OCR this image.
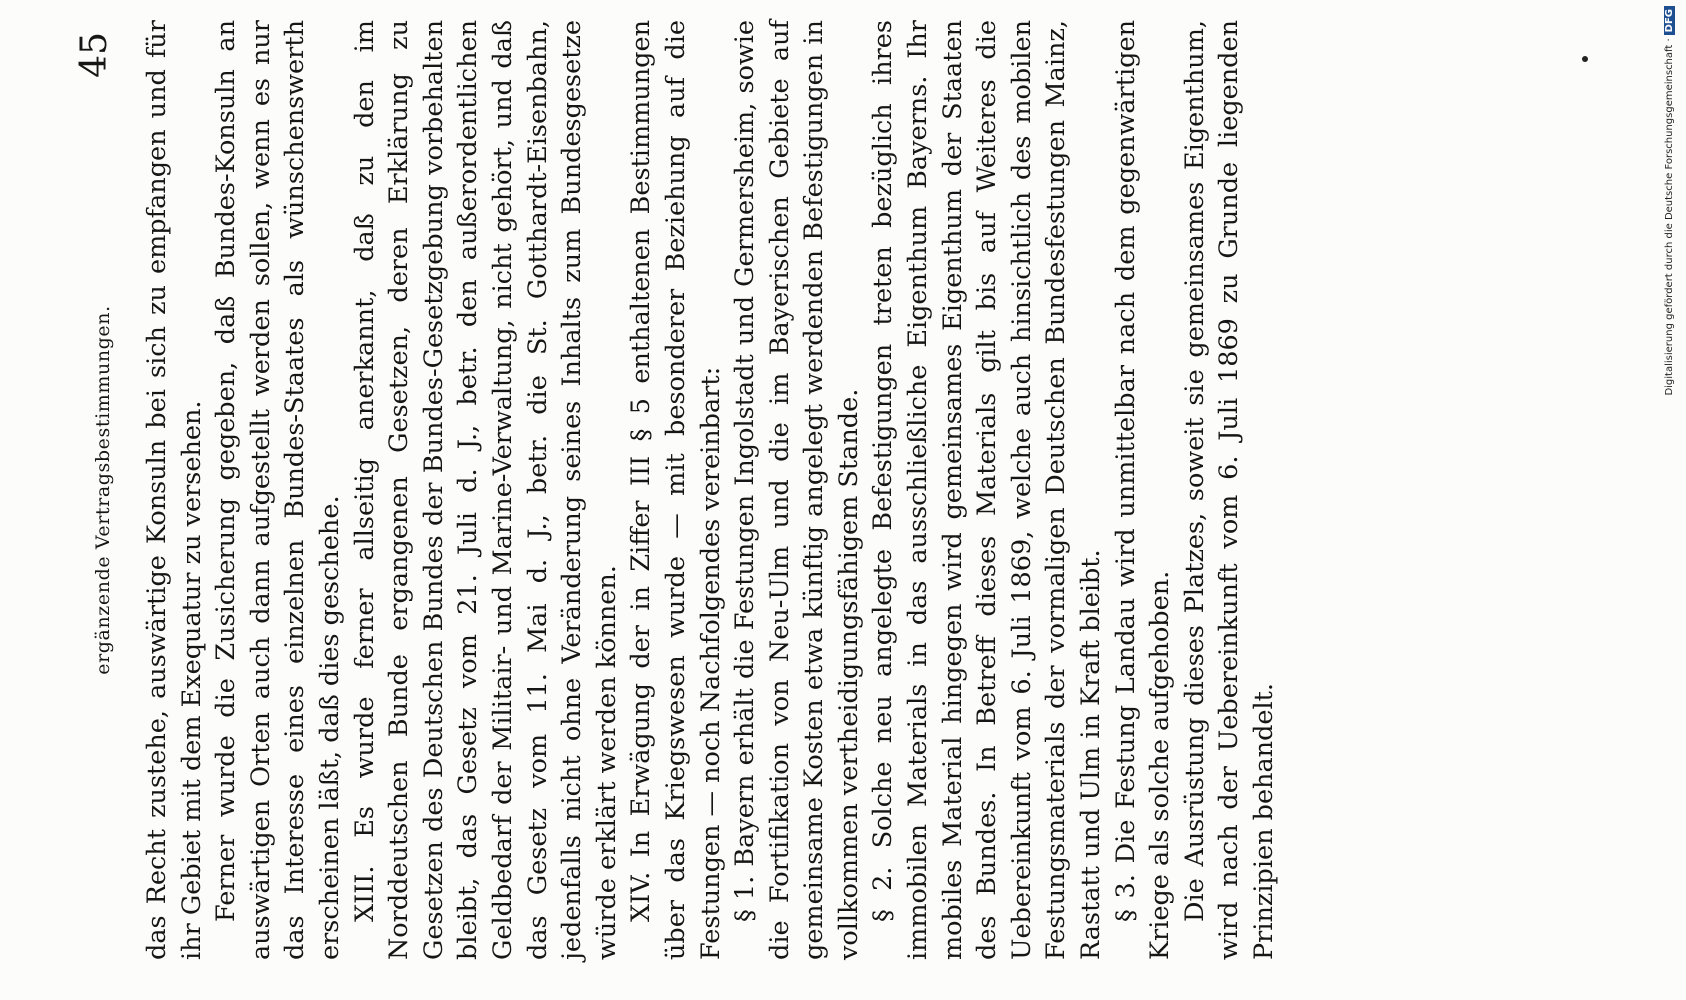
ergänzende Vertragsbestimmungen.
45 das Recht zustehe, auswärtige Konsuln bei sich zu empfangen und für ihr Gebiet mit dem Exequatur zu versehen. Ferner wurde die Zusicherung gegeben, daß Bundes-Konsuln an auswärtigen Orten auch dann aufgestellt werden sollen, wenn es nur das Interesse eines einzelnen Bundes-Staates als wünschenswerth erscheinen läßt, daß dies geschehe. XIII. Es wurde ferner allseitig anerkannt, daß zu den im Norddeutschen Bunde ergangenen Gesetzen, deren Erklärung zu Gesetzen des Deutschen Bundes der Bundes-Gesetzgebung vorbehalten bleibt, das Gesetz vom 21. Juli d. J., betr. den außerordentlichen Geldbedarf der Militair- und Marine-Verwaltung, nicht gehört, und daß das Gesetz vom 11. Mai d. J., betr. die St. Gotthardt-Eisenbahn, jedenfalls nicht ohne Veränderung seines Inhalts zum Bundesgesetze würde erklärt werden können. XIV. In Erwägung der in Ziffer III § 5 enthaltenen Bestimmungen über das Kriegswesen wurde — mit besonderer Beziehung auf die Festungen — noch Nachfolgendes vereinbart: § 1. Bayern erhält die Festungen Ingolstadt und Germersheim, sowie die Fortifikation von Neu-Ulm und die im Bayerischen Gebiete auf gemeinsame Kosten etwa künftig angelegt werdenden Befestigungen in vollkommen vertheidigungsfähigem Stande. § 2. Solche neu angelegte Befestigungen treten bezüglich ihres immobilen Materials in das ausschließliche Eigenthum Bayerns. Ihr mobiles Material hingegen wird gemeinsames Eigenthum der Staaten des Bundes. In Betreff dieses Materials gilt bis auf Weiteres die Uebereinkunft vom 6. Juli 1869, welche auch hinsichtlich des mobilen Festungsmaterials der vormaligen Deutschen Bundesfestungen Mainz, Rastatt und Ulm in Kraft bleibt. § 3. Die Festung Landau wird unmittelbar nach dem gegenwärtigen Kriege als solche aufgehoben. Die Ausrüstung dieses Platzes, soweit sie gemeinsames Eigenthum, wird nach der Uebereinkunft vom 6. Juli 1869 zu Grunde liegenden Prinzipien behandelt.

Digitalisierung gefördert durch die Deutsche Forschungsgemeinschaft ·DFG
